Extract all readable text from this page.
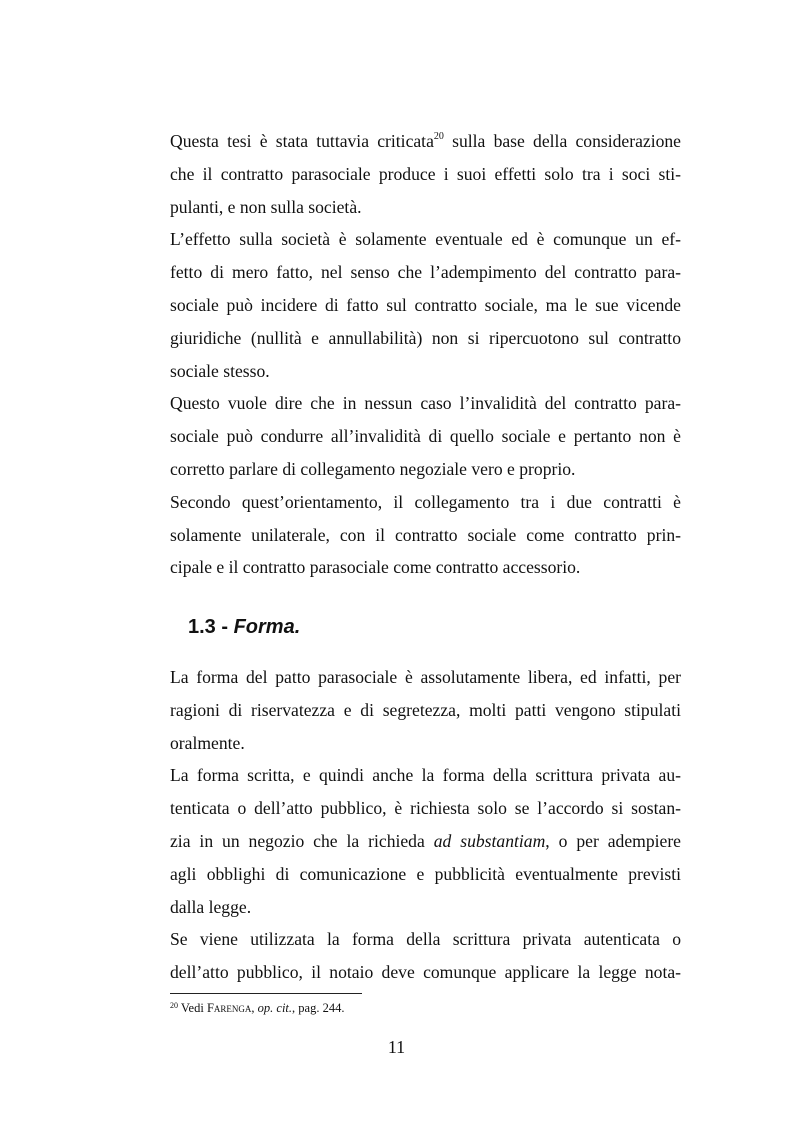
Questa tesi è stata tuttavia criticata$^{20}$ sulla base della considerazione
che il contratto parasociale produce i suoi effetti solo tra i soci sti-
pulanti, e non sulla società.
L’effetto sulla società è solamente eventuale ed è comunque un ef-
fetto di mero fatto, nel senso che l’adempimento del contratto para-
sociale può incidere di fatto sul contratto sociale, ma le sue vicende
giuridiche (nullità e annullabilità) non si ripercuotono sul contratto
sociale stesso.
Questo vuole dire che in nessun caso l’invalidità del contratto para-
sociale può condurre all’invalidità di quello sociale e pertanto non è
corretto parlare di collegamento negoziale vero e proprio.
Secondo quest’orientamento, il collegamento tra i due contratti è
solamente unilaterale, con il contratto sociale come contratto prin-
cipale e il contratto parasociale come contratto accessorio.
1.3 - Forma.
La forma del patto parasociale è assolutamente libera, ed infatti, per
ragioni di riservatezza e di segretezza, molti patti vengono stipulati
oralmente.
La forma scritta, e quindi anche la forma della scrittura privata au-
tenticata o dell’atto pubblico, è richiesta solo se l’accordo si sostan-
zia in un negozio che la richieda ad substantiam, o per adempiere
agli obblighi di comunicazione e pubblicità eventualmente previsti
dalla legge.
Se viene utilizzata la forma della scrittura privata autenticata o
dell’atto pubblico, il notaio deve comunque applicare la legge nota-
$^{20}$ Vedi Farenga, op. cit., pag. 244.
11
